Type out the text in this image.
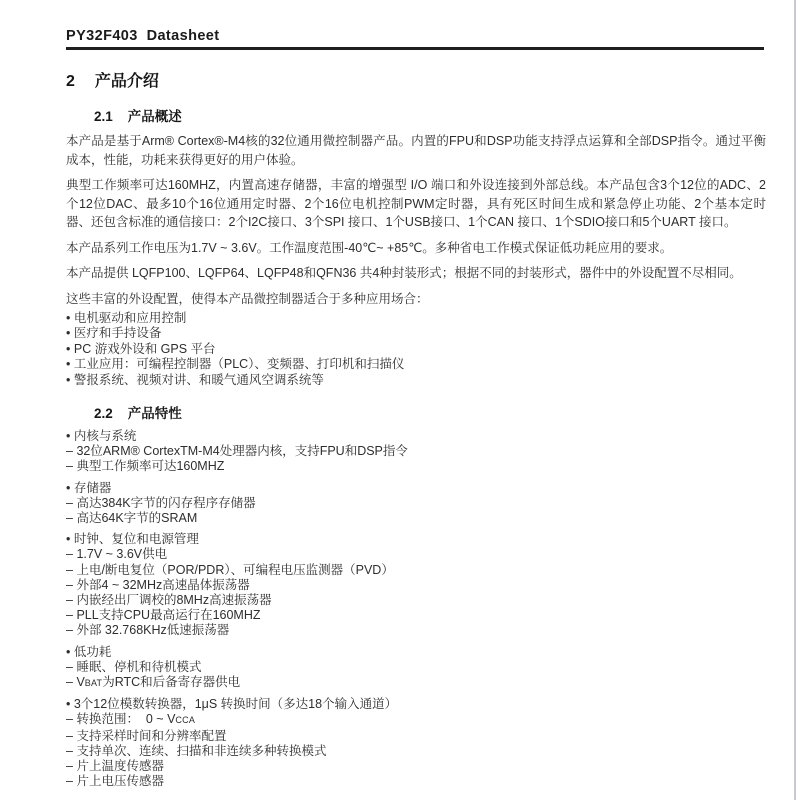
PY32F403  Datasheet
2 产品介绍
2.1 产品概述
本产品是基于Arm® Cortex®-M4核的32位通用微控制器产品。内置的FPU和DSP功能支持浮点运算和全部DSP指令。通过平衡成本，性能，功耗来获得更好的用户体验。
典型工作频率可达160MHZ，内置高速存储器，丰富的增强型 I/O 端口和外设连接到外部总线。本产品包含3个12位的ADC、2个12位DAC、最多10个16位通用定时器、2个16位电机控制PWM定时器，具有死区时间生成和紧急停止功能、2个基本定时器、还包含标准的通信接口：2个I2C接口、3个SPI 接口、1个USB接口、1个CAN 接口、1个SDIO接口和5个UART 接口。
本产品系列工作电压为1.7V ~ 3.6V。工作温度范围-40℃~ +85℃。多种省电工作模式保证低功耗应用的要求。
本产品提供 LQFP100、LQFP64、LQFP48和QFN36 共4种封装形式；根据不同的封装形式，器件中的外设配置不尽相同。
这些丰富的外设配置，使得本产品微控制器适合于多种应用场合：
• 电机驱动和应用控制
• 医疗和手持设备
• PC 游戏外设和 GPS 平台
• 工业应用：可编程控制器（PLC）、变频器、打印机和扫描仪
• 警报系统、视频对讲、和暖气通风空调系统等
2.2 产品特性
• 内核与系统
– 32位ARM® CortexTM-M4处理器内核，支持FPU和DSP指令
– 典型工作频率可达160MHZ
• 存储器
– 高达384K字节的闪存程序存储器
– 高达64K字节的SRAM
• 时钟、复位和电源管理
– 1.7V ~ 3.6V供电
– 上电/断电复位（POR/PDR）、可编程电压监测器（PVD）
– 外部4 ~ 32MHz高速晶体振荡器
– 内嵌经出厂调校的8MHz高速振荡器
– PLL支持CPU最高运行在160MHZ
– 外部 32.768KHz低速振荡器
• 低功耗
– 睡眠、停机和待机模式
– VBAT为RTC和后备寄存器供电
• 3个12位模数转换器，1μS 转换时间（多达18个输入通道）
– 转换范围：  0 ~ VCCA
– 支持采样时间和分辨率配置
– 支持单次、连续、扫描和非连续多种转换模式
– 片上温度传感器
– 片上电压传感器
